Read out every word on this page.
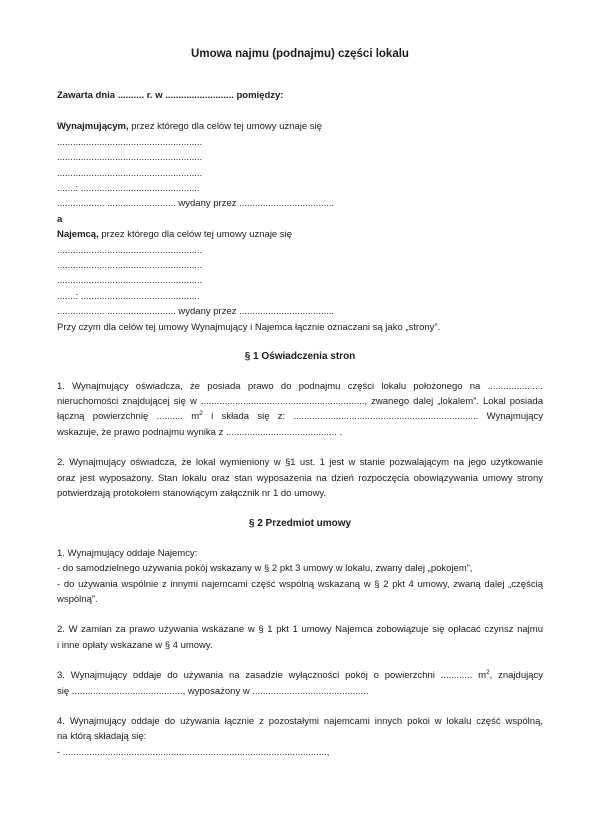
Umowa najmu (podnajmu) części lokalu
Zawarta dnia .......... r. w .......................... pomiędzy:
Wynajmującym, przez którego dla celów tej umowy uznaje się
.......................................................
.......................................................
.......................................................
.......: .............................................
.................. .......................... wydany przez ....................................
a
Najemcą, przez którego dla celów tej umowy uznaje się
.......................................................
.......................................................
.......................................................
.......: .............................................
.................. .......................... wydany przez ....................................
Przy czym dla celów tej umowy Wynajmujący i Najemca łącznie oznaczani są jako „strony”.
§ 1 Oświadczenia stron
1. Wynajmujący oświadcza, że posiada prawo do podnajmu części lokalu położonego na .....................
nieruchomości znajdującej się w .............................................................., zwanego dalej „lokalem”. Lokal posiada
łączną powierzchnię .......... $m^2$ i składa się z: ...................................................................... Wynajmujący
wskazuje, że prawo podnajmu wynika z .......................................... .
2. Wynajmujący oświadcza, że lokal wymieniony w §1 ust. 1 jest w stanie pozwalającym na jego użytkowanie
oraz jest wyposażony. Stan lokalu oraz stan wyposażenia na dzień rozpoczęcia obowiązywania umowy strony
potwierdzają protokołem stanowiącym załącznik nr 1 do umowy.
§ 2 Przedmiot umowy
1. Wynajmujący oddaje Najemcy:
- do samodzielnego używania pokój wskazany w § 2 pkt 3 umowy w lokalu, zwany dalej „pokojem”,
- do używania wspólnie z innymi najemcami część wspólną wskazaną w § 2 pkt 4 umowy, zwaną dalej „częścią
wspólną”.
2. W zamian za prawo używania wskazane w § 1 pkt 1 umowy Najemca zobowiązuje się opłacać czynsz najmu
i inne opłaty wskazane w § 4 umowy.
3. Wynajmujący oddaje do używania na zasadzie wyłączności pokój o powierzchni ............ $m^2$, znajdujący
się .........................................., wyposażony w ............................................
4. Wynajmujący oddaje do używania łącznie z pozostałymi najemcami innych pokoi w lokalu część wspólną,
na którą składają się:
- ....................................................................................................,
